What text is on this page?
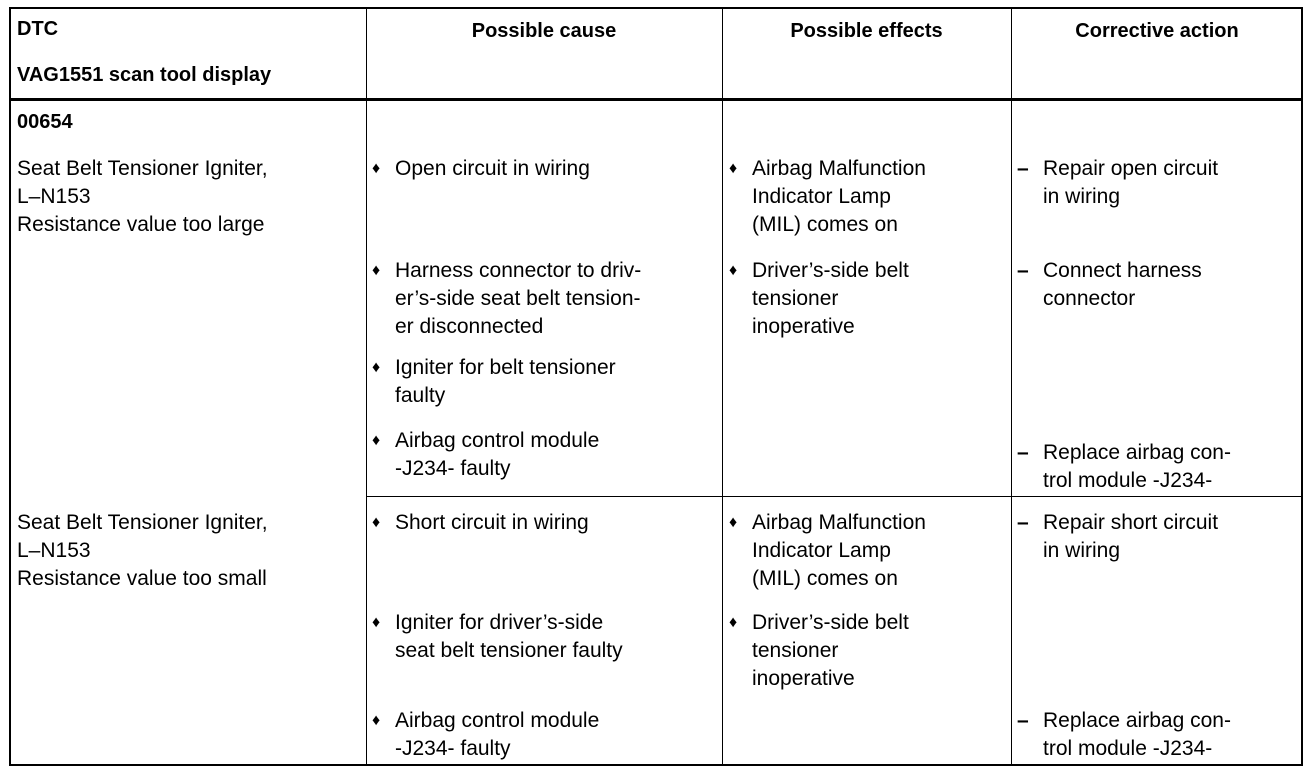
DTC
VAG1551 scan tool display
Possible cause	Possible effects	Corrective action
00654
Seat Belt Tensioner Igniter,
L–N153
Resistance value too large
♦ Open circuit in wiring
♦ Harness connector to driv-
er’s-side seat belt tension-
er disconnected
♦ Igniter for belt tensioner
faulty
♦ Airbag control module
-J234- faulty
♦ Airbag Malfunction
Indicator Lamp
(MIL) comes on
♦ Driver’s-side belt
tensioner
inoperative
– Repair open circuit
in wiring
– Connect harness
connector
– Replace airbag con-
trol module -J234-
Seat Belt Tensioner Igniter,
L–N153
Resistance value too small
♦ Short circuit in wiring
♦ Igniter for driver’s-side
seat belt tensioner faulty
♦ Airbag control module
-J234- faulty
♦ Airbag Malfunction
Indicator Lamp
(MIL) comes on
♦ Driver’s-side belt
tensioner
inoperative
– Repair short circuit
in wiring
– Replace airbag con-
trol module -J234-
